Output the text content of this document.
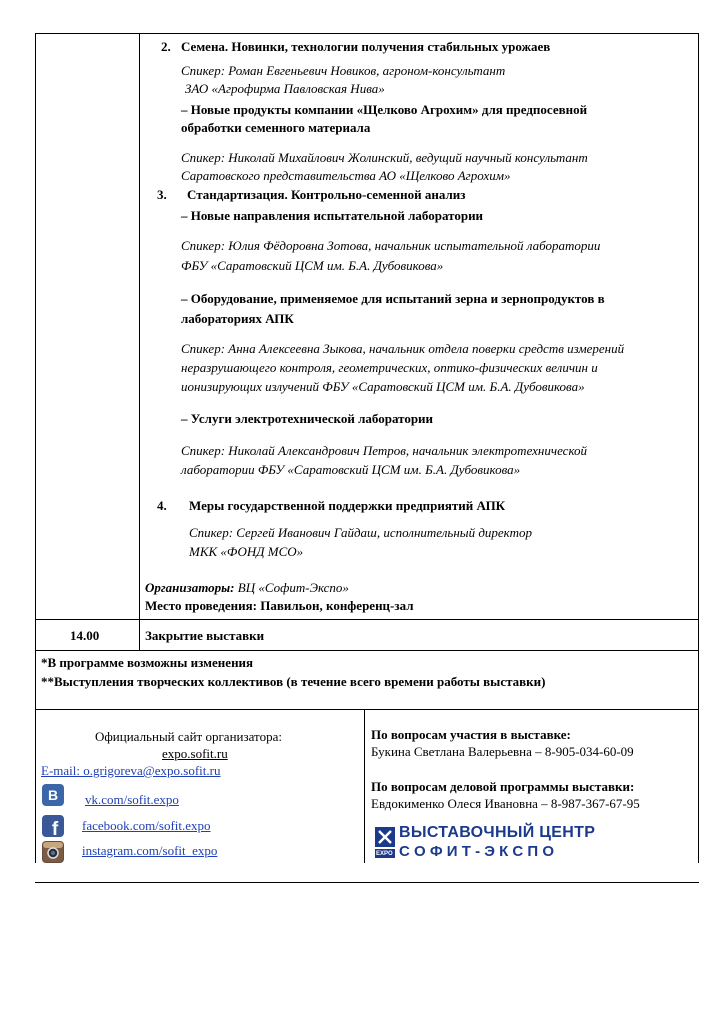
2. Семена. Новинки, технологии получения стабильных урожаев
Спикер: Роман Евгеньевич Новиков, агроном-консультант
ЗАО «Агрофирма Павловская Нива»
– Новые продукты компании «Щелково Агрохим» для предпосевной
обработки семенного материала
Спикер: Николай Михайлович Жолинский, ведущий научный консультант
Саратовского представительства АО «Щелково Агрохим»
3. Стандартизация. Контрольно-семенной анализ
– Новые направления испытательной лаборатории
Спикер: Юлия Фёдоровна Зотова, начальник испытательной лаборатории
ФБУ «Саратовский ЦСМ им. Б.А. Дубовикова»
– Оборудование, применяемое для испытаний зерна и зернопродуктов в
лабораториях АПК
Спикер: Анна Алексеевна Зыкова, начальник отдела поверки средств измерений
неразрушающего контроля, геометрических, оптико-физических величин и
ионизирующих излучений ФБУ «Саратовский ЦСМ им. Б.А. Дубовикова»
– Услуги электротехнической лаборатории
Спикер: Николай Александрович Петров, начальник электротехнической
лаборатории ФБУ «Саратовский ЦСМ им. Б.А. Дубовикова»
4. Меры государственной поддержки предприятий АПК
Спикер: Сергей Иванович Гайдаш, исполнительный директор
МКК «ФОНД МСО»
Организаторы: ВЦ «Софит-Экспо»
Место проведения: Павильон, конференц-зал
14.00	Закрытие выставки
*В программе возможны изменения
**Выступления творческих коллективов (в течение всего времени работы выставки)
Официальный сайт организатора:
expo.sofit.ru
E-mail: o.grigoreva@expo.sofit.ru
В vk.com/sofit.expo
f facebook.com/sofit.expo
instagram.com/sofit_expo
По вопросам участия в выставке:
Букина Светлана Валерьевна – 8-905-034-60-09
По вопросам деловой программы выставки:
Евдокименко Олеся Ивановна – 8-987-367-67-95
EXPO
ВЫСТАВОЧНЫЙ ЦЕНТР
С О Ф И Т - Э К С П О
